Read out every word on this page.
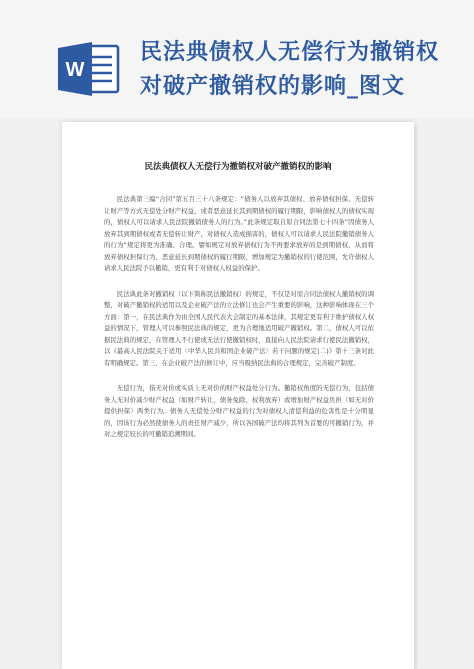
W
民法典债权人无偿行为撤销权对破产撤销权的影响_图文
民法典债权人无偿行为撤销权对破产撤销权的影响

民法典第三编“合同”第五百三十八条规定：“债务人以放弃其债权、放弃债权担保、无偿转让财产等方式无偿处分财产权益，或者恶意延长其到期债权的履行期限，影响债权人的债权实现的，债权人可以请求人民法院撤销债务人的行为。”此条规定取自原合同法第七十四条“因债务人放弃其到期债权或者无偿转让财产，对债权人造成损害的，债权人可以请求人民法院撤销债务人的行为”规定将更为准确、合理。譬如规定对放弃债权行为不再要求放弃的是到期债权，从而将放弃债权担保行为、恶意延长到期债权的履行期限，增加规定为撤销权的行使范围，允许债权人请求人民法院予以撤销，更有利于对债权人权益的保护。

民法典此条对撤销权（以下简称民法撤销权）的规定，不仅是对原合同法债权人撤销权的调整，对破产撤销权的适用以及企业破产法的立法修订也会产生重要的影响，这种影响体现在三个方面：第一，在民法典作为由全国人民代表大会制定的基本法律，其规定更有利于维护债权人权益的情况下，管理人可以参照民法典的规定，更为合理地适用破产撤销权。第二，债权人可以依据民法典的规定，在管理人不行使或无法行使撤销权时，直接向人民法院请求行使民法撤销权，以《最高人民法院关于适用〈中华人民共和国企业破产法〉若干问题的规定(二)》第十三条对此有明确规定。第三，在企业破产法的修订中，应当吸纳民法典的合理规定，完善破产制度。

无偿行为，指无对价或实质上无对价的财产权益处分行为。撤销权角度的无偿行为，包括债务人无对价减少财产权益（如财产转让、债务免除、权利放弃）或增加财产权益负担（如无对价提供担保）两类行为。债务人无偿处分财产权益的行为对债权人清偿利益的危害性是十分明显的，因该行为必然使债务人的责任财产减少，所以各国破产法均将其列为首要的可撤销行为，并对之规定较长的可撤销追溯期间。
